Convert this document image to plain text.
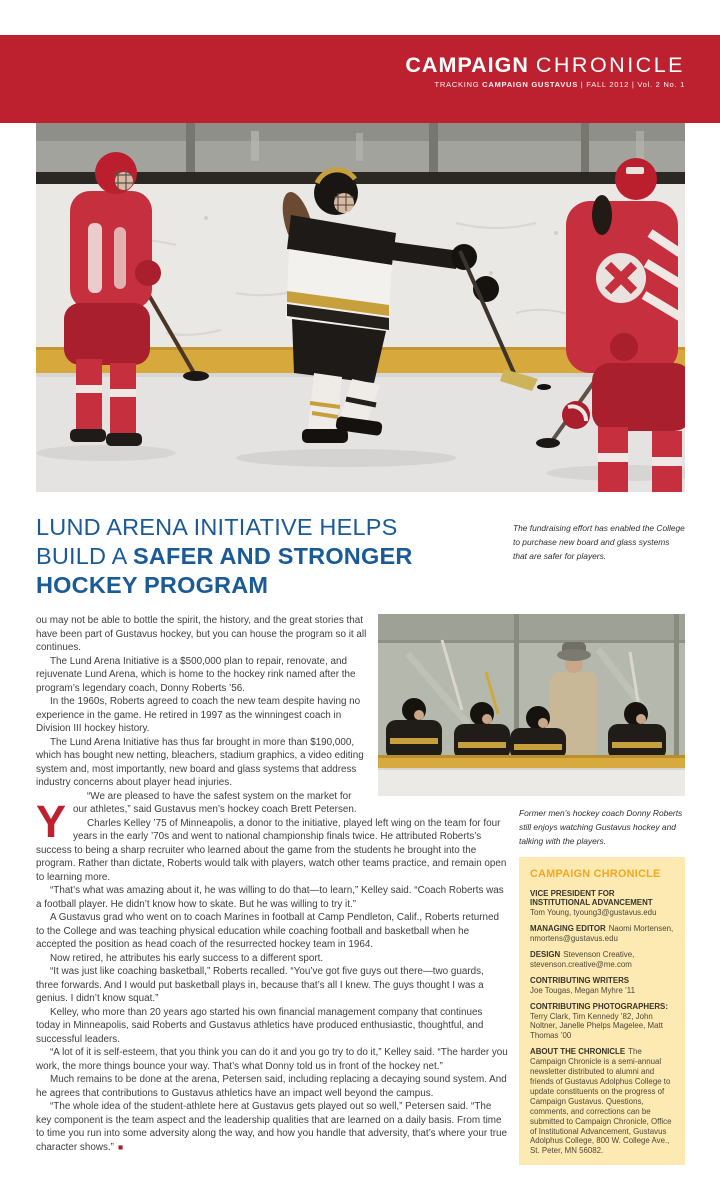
CAMPAIGN CHRONICLE
TRACKING CAMPAIGN GUSTAVUS | FALL 2012 | Vol. 2 No. 1

The fundraising effort has enabled the College to purchase new board and glass systems that are safer for players.

LUND ARENA INITIATIVE HELPS
BUILD A SAFER AND STRONGER
HOCKEY PROGRAM

Former men’s hockey coach Donny Roberts still enjoys watching Gustavus hockey and talking with the players.

CAMPAIGN CHRONICLE
VICE PRESIDENT FOR INSTITUTIONAL ADVANCEMENT
Tom Young, tyoung3@gustavus.edu
MANAGING EDITOR Naomi Mortensen, nmortens@gustavus.edu
DESIGN Stevenson Creative, stevenson.creative@me.com
CONTRIBUTING WRITERS
Joe Tougas, Megan Myhre ’11
CONTRIBUTING PHOTOGRAPHERS:
Terry Clark, Tim Kennedy ’82, John Noltner, Janelle Phelps Magelee, Matt Thomas ’00
ABOUT THE CHRONICLE The Campaign Chronicle is a semi-annual newsletter distributed to alumni and friends of Gustavus Adolphus College to update constituents on the progress of Campaign Gustavus. Questions, comments, and corrections can be submitted to Campaign Chronicle, Office of Institutional Advancement, Gustavus Adolphus College, 800 W. College Ave., St. Peter, MN 56082.

Y
ou may not be able to bottle the spirit, the history, and the great stories that have been part of Gustavus hockey, but you can house the program so it all continues.

The Lund Arena Initiative is a $500,000 plan to repair, renovate, and rejuvenate Lund Arena, which is home to the hockey rink named after the program’s legendary coach, Donny Roberts ’56.

In the 1960s, Roberts agreed to coach the new team despite having no experience in the game. He retired in 1997 as the winningest coach in Division III hockey history.

The Lund Arena Initiative has thus far brought in more than $190,000, which has bought new netting, bleachers, stadium graphics, a video editing system and, most importantly, new board and glass systems that address industry concerns about player head injuries.

“We are pleased to have the safest system on the market for our athletes,” said Gustavus men’s hockey coach Brett Petersen.

Charles Kelley ’75 of Minneapolis, a donor to the initiative, played left wing on the team for four years in the early ’70s and went to national championship finals twice. He attributed Roberts’s success to being a sharp recruiter who learned about the game from the students he brought into the program. Rather than dictate, Roberts would talk with players, watch other teams practice, and remain open to learning more.

“That’s what was amazing about it, he was willing to do that—to learn,” Kelley said. “Coach Roberts was a football player. He didn’t know how to skate. But he was willing to try it.”

A Gustavus grad who went on to coach Marines in football at Camp Pendleton, Calif., Roberts returned to the College and was teaching physical education while coaching football and basketball when he accepted the position as head coach of the resurrected hockey team in 1964.

Now retired, he attributes his early success to a different sport.

“It was just like coaching basketball,” Roberts recalled. “You’ve got five guys out there—two guards, three forwards. And I would put basketball plays in, because that’s all I knew. The guys thought I was a genius. I didn’t know squat.”

Kelley, who more than 20 years ago started his own financial management company that continues today in Minneapolis, said Roberts and Gustavus athletics have produced enthusiastic, thoughtful, and successful leaders.

“A lot of it is self-esteem, that you think you can do it and you go try to do it,” Kelley said. “The harder you work, the more things bounce your way. That’s what Donny told us in front of the hockey net.”

Much remains to be done at the arena, Petersen said, including replacing a decaying sound system. And he agrees that contributions to Gustavus athletics have an impact well beyond the campus.

“The whole idea of the student-athlete here at Gustavus gets played out so well,” Petersen said. “The key component is the team aspect and the leadership qualities that are learned on a daily basis. From time to time you run into some adversity along the way, and how you handle that adversity, that’s where your true character shows.” ■
